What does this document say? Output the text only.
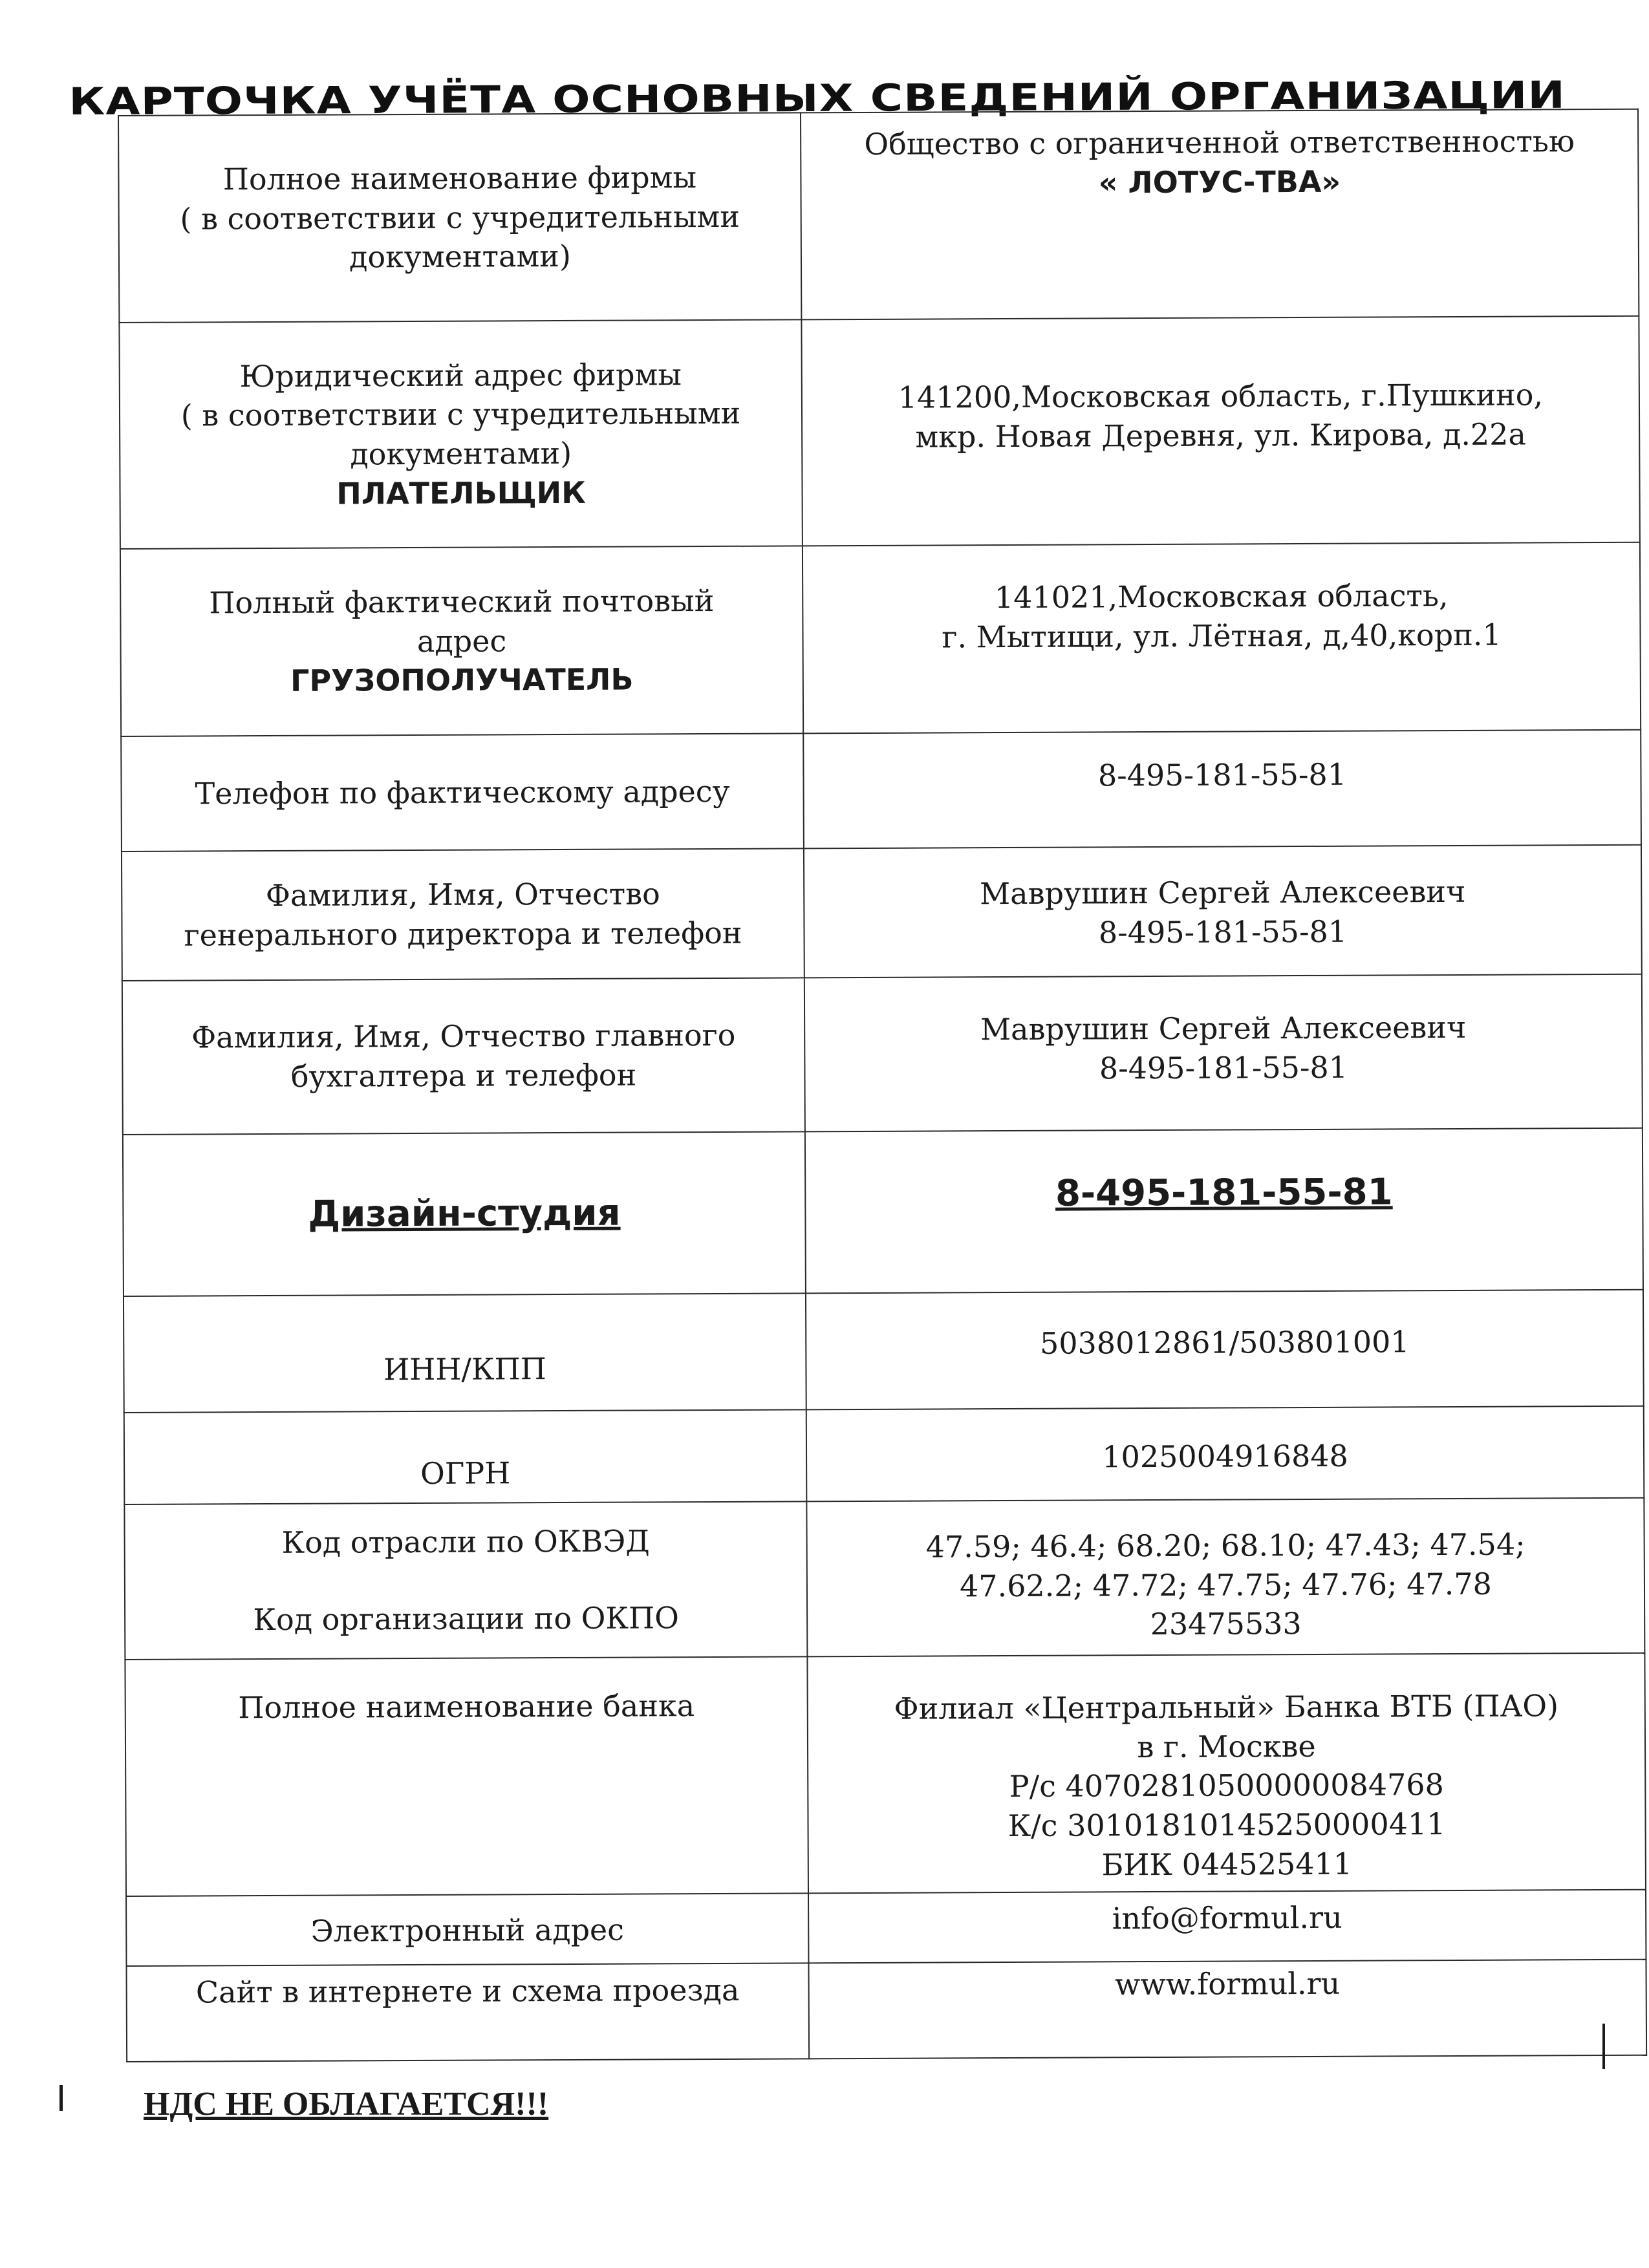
КАРТОЧКА УЧЁТА ОСНОВНЫХ СВЕДЕНИЙ ОРГАНИЗАЦИИ
Полное наименование фирмы
( в соответствии с учредительными
документами)	Общество с ограниченной ответственностью
« ЛОТУС-ТВА»

Юридический адрес фирмы
( в соответствии с учредительными
документами)
ПЛАТЕЛЬЩИК	141200,Московская область, г.Пушкино,
мкр. Новая Деревня, ул. Кирова, д.22а

Полный фактический почтовый
адрес
ГРУЗОПОЛУЧАТЕЛЬ	141021,Московская область,
г. Мытищи, ул. Лётная, д,40,корп.1

Телефон по фактическому адресу	8-495-181-55-81

Фамилия, Имя, Отчество
генерального директора и телефон	Маврушин Сергей Алексеевич
8-495-181-55-81

Фамилия, Имя, Отчество главного
бухгалтера и телефон	Маврушин Сергей Алексеевич
8-495-181-55-81

Дизайн-студия	8-495-181-55-81
ИНН/КПП	5038012861/503801001
ОГРН	1025004916848

Код отрасли по ОКВЭД
Код организации по ОКПО	47.59; 46.4; 68.20; 68.10; 47.43; 47.54;
47.62.2; 47.72; 47.75; 47.76; 47.78
23475533

Полное наименование банка	Филиал «Центральный» Банка ВТБ (ПАО)
в г. Москве
Р/с 40702810500000084768
К/с 30101810145250000411
БИК 044525411

Электронный адрес	info@formul.ru
Сайт в интернете и схема проезда	www.formul.ru
НДС НЕ ОБЛАГАЕТСЯ!!!
